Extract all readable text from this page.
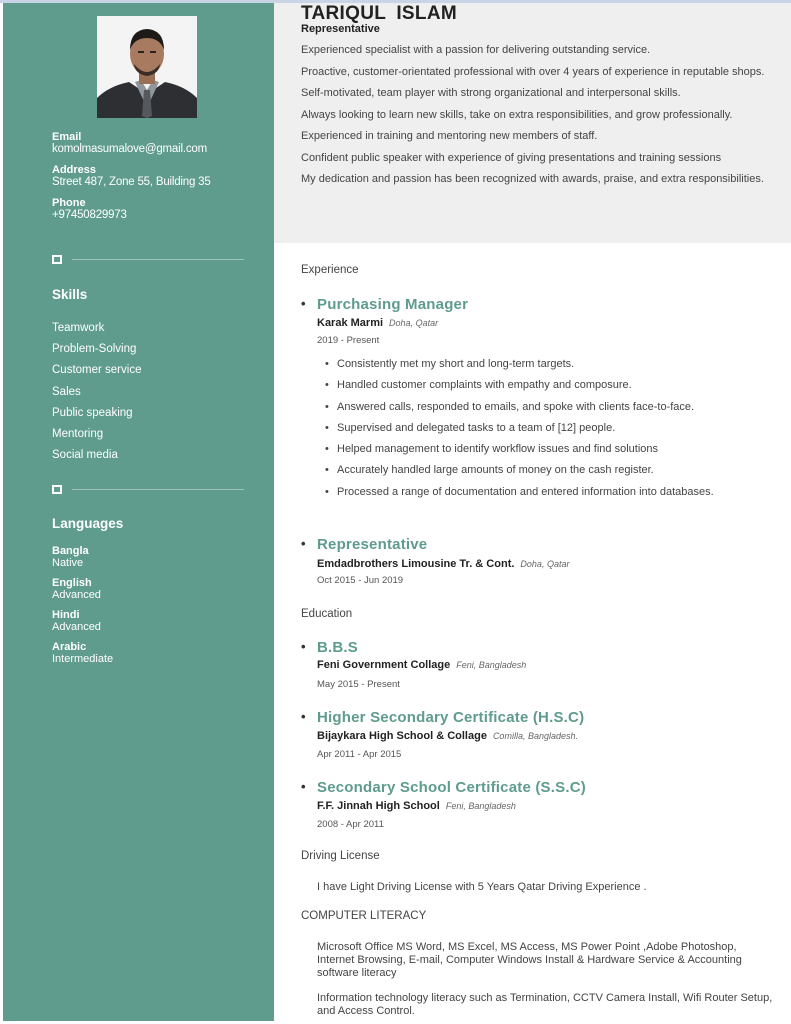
Email
komolmasumalove@gmail.com
Address
Street 487, Zone 55, Building 35
Phone
+97450829973
Skills
Teamwork
Problem-Solving
Customer service
Sales
Public speaking
Mentoring
Social media
Languages
Bangla
Native
English
Advanced
Hindi
Advanced
Arabic
Intermediate
TARIQUL ISLAM
Representative
Experienced specialist with a passion for delivering outstanding service.
Proactive, customer-orientated professional with over 4 years of experience in reputable shops.
Self-motivated, team player with strong organizational and interpersonal skills.
Always looking to learn new skills, take on extra responsibilities, and grow professionally.
Experienced in training and mentoring new members of staff.
Confident public speaker with experience of giving presentations and training sessions
My dedication and passion has been recognized with awards, praise, and extra responsibilities.
Experience
• Purchasing Manager
Karak Marmi Doha, Qatar
2019 - Present
• Consistently met my short and long-term targets.
• Handled customer complaints with empathy and composure.
• Answered calls, responded to emails, and spoke with clients face-to-face.
• Supervised and delegated tasks to a team of [12] people.
• Helped management to identify workflow issues and find solutions
• Accurately handled large amounts of money on the cash register.
• Processed a range of documentation and entered information into databases.
• Representative
Emdadbrothers Limousine Tr. & Cont. Doha, Qatar
Oct 2015 - Jun 2019
Education
• B.B.S
Feni Government Collage Feni, Bangladesh
May 2015 - Present
• Higher Secondary Certificate (H.S.C)
Bijaykara High School & Collage Comilla, Bangladesh.
Apr 2011 - Apr 2015
• Secondary School Certificate (S.S.C)
F.F. Jinnah High School Feni, Bangladesh
2008 - Apr 2011
Driving License
I have Light Driving License with 5 Years Qatar Driving Experience .
COMPUTER LITERACY
Microsoft Office MS Word, MS Excel, MS Access, MS Power Point ,Adobe Photoshop, Internet Browsing, E-mail, Computer Windows Install & Hardware Service & Accounting software literacy
Information technology literacy such as Termination, CCTV Camera Install, Wifi Router Setup, and Access Control.
